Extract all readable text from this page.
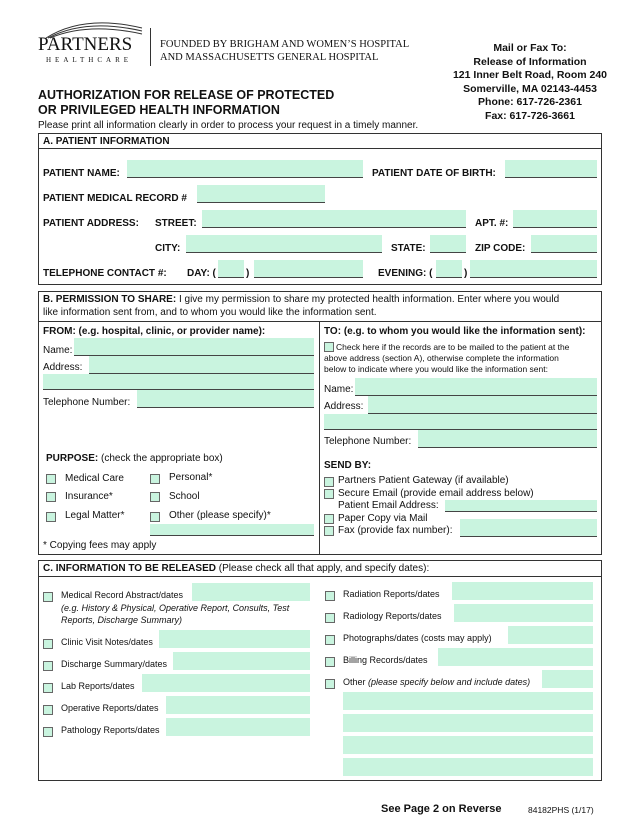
PARTNERS
HEALTHCARE
FOUNDED BY BRIGHAM AND WOMEN’S HOSPITAL
AND MASSACHUSETTS GENERAL HOSPITAL
Mail or Fax To:
Release of Information
121 Inner Belt Road, Room 240
Somerville, MA 02143-4453
Phone: 617-726-2361
Fax: 617-726-3661
AUTHORIZATION FOR RELEASE OF PROTECTED
OR PRIVILEGED HEALTH INFORMATION
Please print all information clearly in order to process your request in a timely manner.
A. PATIENT INFORMATION
PATIENT NAME:	PATIENT DATE OF BIRTH:
PATIENT MEDICAL RECORD #
PATIENT ADDRESS: STREET:	APT. #:
CITY:	STATE:	ZIP CODE:
TELEPHONE CONTACT #: DAY: (	)	EVENING: (	)
B. PERMISSION TO SHARE: I give my permission to share my protected health information. Enter where you would
like information sent from, and to whom you would like the information sent.
FROM: (e.g. hospital, clinic, or provider name):
Name:
Address:
Telephone Number:
PURPOSE: (check the appropriate box)
Medical Care	Personal*
Insurance*	School
Legal Matter*	Other (please specify)*
* Copying fees may apply
TO: (e.g. to whom you would like the information sent):
Check here if the records are to be mailed to the patient at the
above address (section A), otherwise complete the information
below to indicate where you would like the information sent:
Name:
Address:
Telephone Number:
SEND BY:
Partners Patient Gateway (if available)
Secure Email (provide email address below)
Patient Email Address:
Paper Copy via Mail
Fax (provide fax number):
C. INFORMATION TO BE RELEASED (Please check all that apply, and specify dates):
Medical Record Abstract/dates
(e.g. History & Physical, Operative Report, Consults, Test
Reports, Discharge Summary)
Clinic Visit Notes/dates
Discharge Summary/dates
Lab Reports/dates
Operative Reports/dates
Pathology Reports/dates
Radiation Reports/dates
Radiology Reports/dates
Photographs/dates (costs may apply)
Billing Records/dates
Other (please specify below and include dates)
See Page 2 on Reverse	84182PHS (1/17)
